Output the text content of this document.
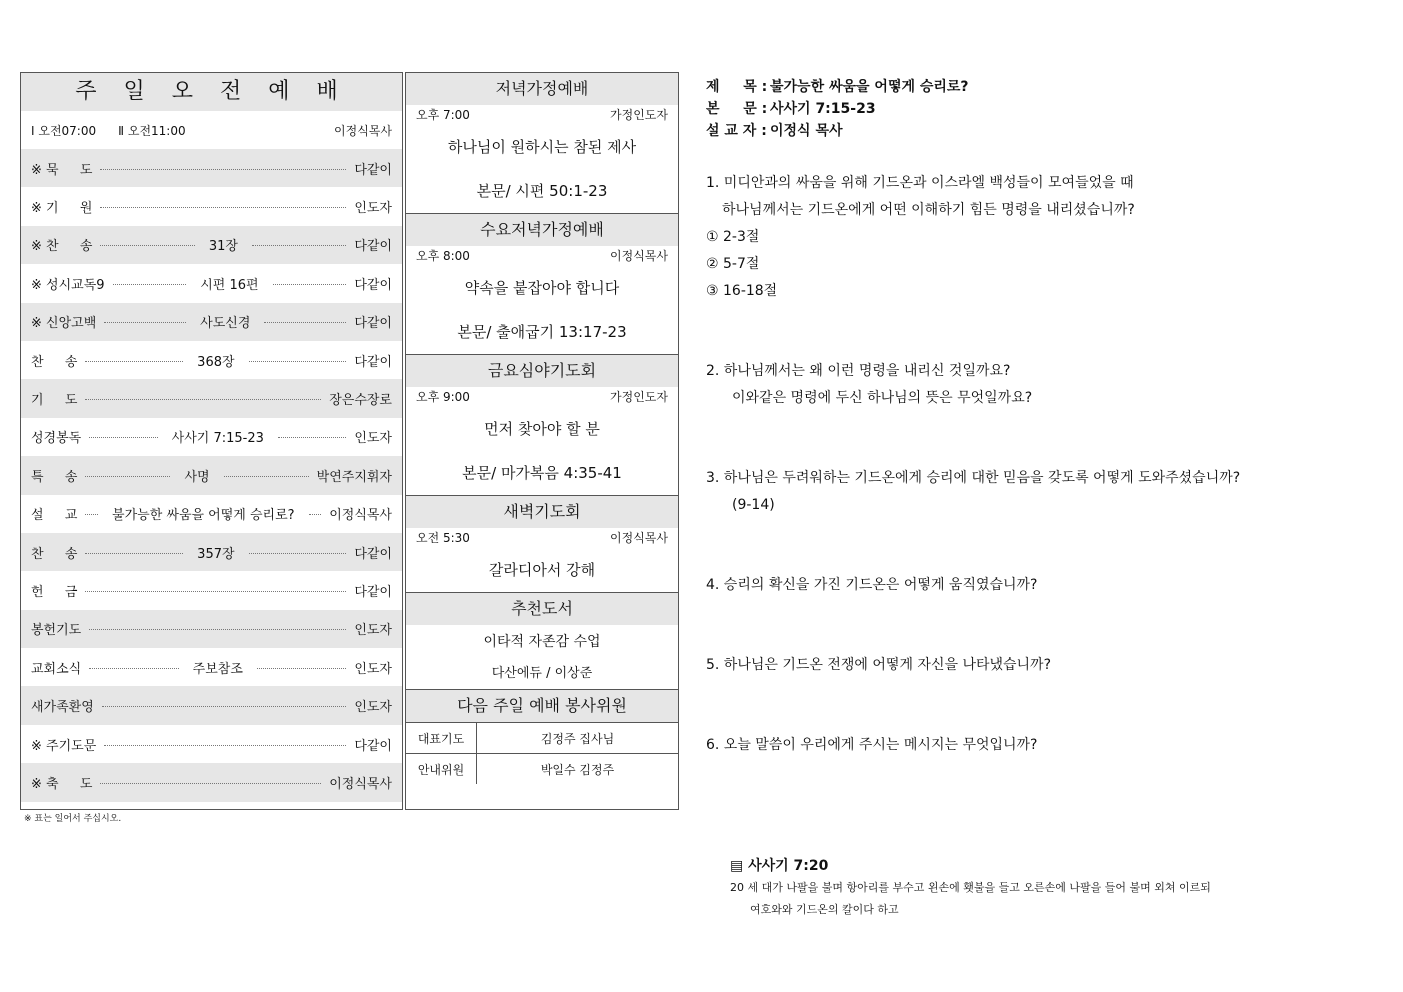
주 일 오 전 예 배
Ⅰ 오전07:00 Ⅱ 오전11:00	이정식목사
※ 묵 　 도	다같이
※ 기 　 원	인도자
※ 찬 　 송	31장	다같이
※ 성시교독9	시편 16편	다같이
※ 신앙고백	사도신경	다같이
찬 　 송	368장	다같이
기 　 도	장은수장로
성경봉독	사사기 7:15-23	인도자
특 　 송	사명	박연주지휘자
설 　 교	불가능한 싸움을 어떻게 승리로?	이정식목사
찬 　 송	357장	다같이
헌 　 금	다같이
봉헌기도	인도자
교회소식	주보참조	인도자
새가족환영	인도자
※ 주기도문	다같이
※ 축 　 도	이정식목사
※ 표는 일어서 주십시오.
저녁가정예배
오후 7:00	가정인도자
하나님이 원하시는 참된 제사
본문/ 시편 50:1-23
수요저녁가정예배
오후 8:00	이정식목사
약속을 붙잡아야 합니다
본문/ 출애굽기 13:17-23
금요심야기도회
오후 9:00	가정인도자
먼저 찾아야 할 분
본문/ 마가복음 4:35-41
새벽기도회
오전 5:30	이정식목사
갈라디아서 강해
추천도서
이타적 자존감 수업
다산에듀 / 이상준
다음 주일 예배 봉사위원
대표기도	김정주 집사님
안내위원	박일수 김정주
제 　 목 : 불가능한 싸움을 어떻게 승리로?
본 　 문 : 사사기 7:15-23
설 교 자 : 이정식 목사
1. 미디안과의 싸움을 위해 기드온과 이스라엘 백성들이 모여들었을 때
하나님께서는 기드온에게 어떤 이해하기 힘든 명령을 내리셨습니까?
① 2-3절
② 5-7절
③ 16-18절
2. 하나님께서는 왜 이런 명령을 내리신 것일까요?
이와같은 명령에 두신 하나님의 뜻은 무엇일까요?
3. 하나님은 두려워하는 기드온에게 승리에 대한 믿음을 갖도록 어떻게 도와주셨습니까?
(9-14)
4. 승리의 확신을 가진 기드온은 어떻게 움직였습니까?
5. 하나님은 기드온 전쟁에 어떻게 자신을 나타냈습니까?
6. 오늘 말씀이 우리에게 주시는 메시지는 무엇입니까?
▤ 사사기 7:20
20 세 대가 나팔을 불며 항아리를 부수고 왼손에 횃불을 들고 오른손에 나팔을 들어 불며 외쳐 이르되
여호와와 기드온의 칼이다 하고
